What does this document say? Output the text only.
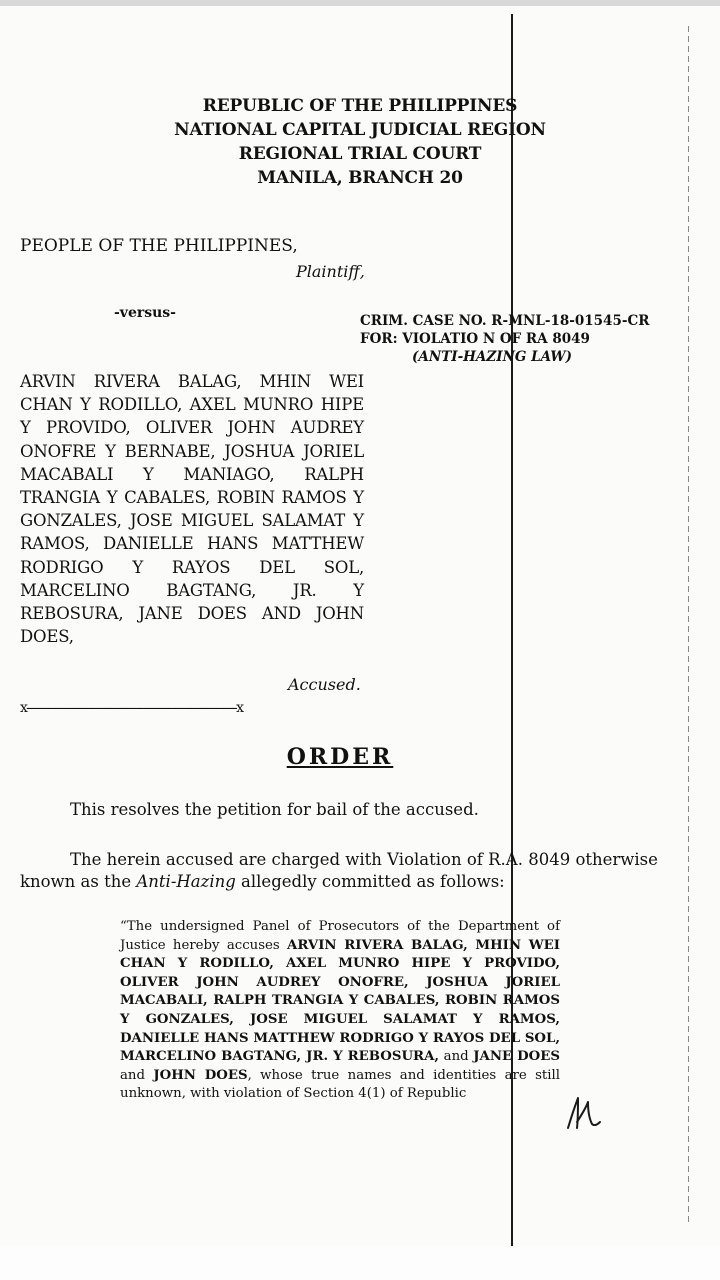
REPUBLIC OF THE PHILIPPINES
NATIONAL CAPITAL JUDICIAL REGION
REGIONAL TRIAL COURT
MANILA, BRANCH 20
PEOPLE OF THE PHILIPPINES,
Plaintiff,
-versus-	CRIM. CASE NO. R-MNL-18-01545-CR
FOR: VIOLATIO N OF RA 8049
(ANTI-HAZING LAW)
ARVIN RIVERA BALAG, MHIN WEI CHAN Y RODILLO, AXEL MUNRO HIPE Y PROVIDO, OLIVER JOHN AUDREY ONOFRE Y BERNABE, JOSHUA JORIEL MACABALI Y MANIAGO, RALPH TRANGIA Y CABALES, ROBIN RAMOS Y GONZALES, JOSE MIGUEL SALAMAT Y RAMOS, DANIELLE HANS MATTHEW RODRIGO Y RAYOS DEL SOL, MARCELINO BAGTANG, JR. Y REBOSURA, JANE DOES AND JOHN DOES,
Accused.
x-----------------------------------------------------------------x
ORDER
This resolves the petition for bail of the accused.
The herein accused are charged with Violation of R.A. 8049 otherwise known as the Anti-Hazing allegedly committed as follows:
“The undersigned Panel of Prosecutors of the Department of Justice hereby accuses ARVIN RIVERA BALAG, MHIN WEI CHAN Y RODILLO, AXEL MUNRO HIPE Y PROVIDO, OLIVER JOHN AUDREY ONOFRE, JOSHUA JORIEL MACABALI, RALPH TRANGIA Y CABALES, ROBIN RAMOS Y GONZALES, JOSE MIGUEL SALAMAT Y RAMOS, DANIELLE HANS MATTHEW RODRIGO Y RAYOS DEL SOL, MARCELINO BAGTANG, JR. Y REBOSURA, and JANE DOES and JOHN DOES, whose true names and identities are still unknown, with violation of Section 4(1) of Republic
